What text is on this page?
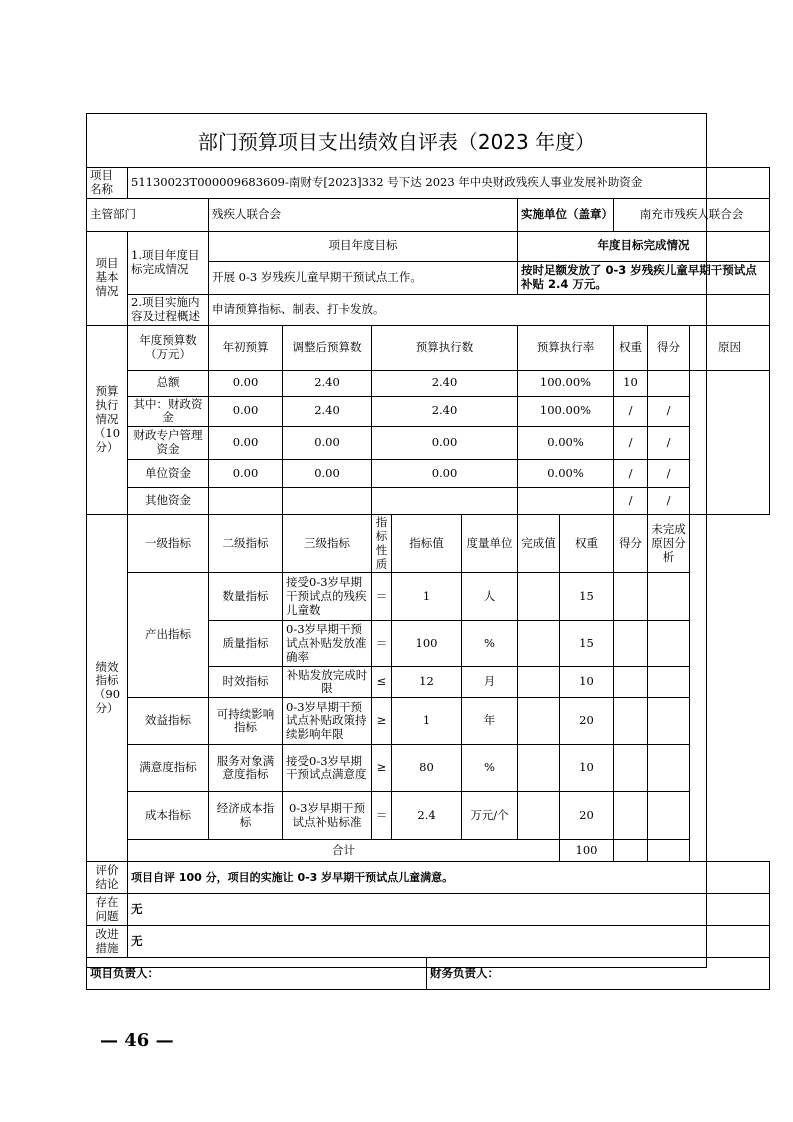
部门预算项目支出绩效自评表（2023 年度）
项目名称	51130023T000009683609-南财专[2023]332 号下达 2023 年中央财政残疾人事业发展补助资金											
主管部门		残疾人联合会						实施单位（盖章）		南充市残疾人联合会		
项目基本情况	1.项目年度目标完成情况	项目年度目标						年度目标完成情况				
		开展 0-3 岁残疾儿童早期干预试点工作。						按时足额发放了 0-3 岁残疾儿童早期干预试点补贴 2.4 万元。				
	2.项目实施内容及过程概述	申请预算指标、制表、打卡发放。										
预算执行情况（10分）	年度预算数（万元）	年初预算	调整后预算数	预算执行数				预算执行率		权重	得分	原因
	总额	0.00	2.40	2.40				100.00%		10		
	其中：财政资金	0.00	2.40	2.40				100.00%		/	/	
	财政专户管理资金	0.00	0.00	0.00				0.00%		/	/	
	单位资金	0.00	0.00	0.00				0.00%		/	/	
	其他资金									/	/	
绩效指标（90分）	一级指标	二级指标	三级指标	指标性质	指标值		度量单位	完成值	权重	得分	未完成原因分析	
	产出指标	数量指标	接受0-3岁早期干预试点的残疾儿童数	＝	1		人		15			
		质量指标	0-3岁早期干预试点补贴发放准确率	＝	100		%		15			
		时效指标	补贴发放完成时限	≤	12		月		10			
	效益指标	可持续影响指标	0-3岁早期干预试点补贴政策持续影响年限	≥	1		年		20			
	满意度指标	服务对象满意度指标	接受0-3岁早期干预试点满意度	≥	80		%		10			
	成本指标	经济成本指标	0-3岁早期干预试点补贴标准	＝	2.4		万元/个		20			
	合计								100			
评价结论	项目自评 100 分，项目的实施让 0-3 岁早期干预试点儿童满意。											
存在问题	无											
改进措施	无											
项目负责人：						财务负责人：						
— 46 —
